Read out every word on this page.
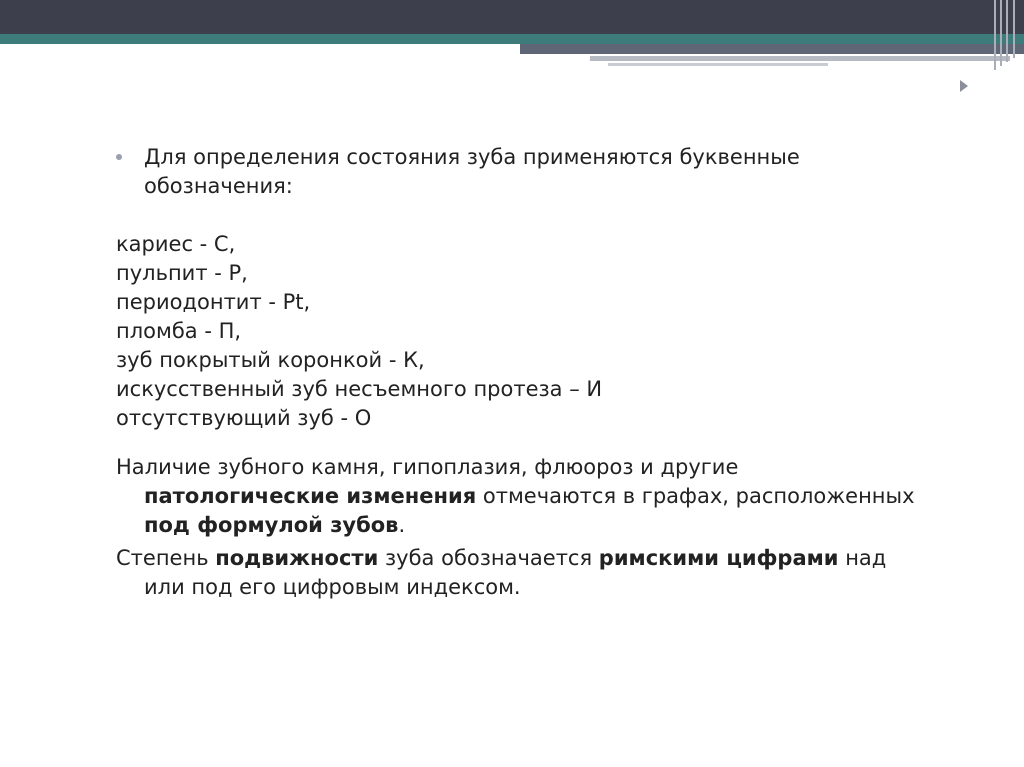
Для определения состояния зуба применяются буквенные
обозначения:
кариес - С,
пульпит - Р,
периодонтит - Pt,
пломба - П,
зуб покрытый коронкой - К,
искусственный зуб несъемного протеза – И
отсутствующий зуб - О
Наличие зубного камня, гипоплазия, флюороз и другие патологические изменения отмечаются в графах, расположенных под формулой зубов.
Степень подвижности зуба обозначается римскими цифрами над или под его цифровым индексом.
